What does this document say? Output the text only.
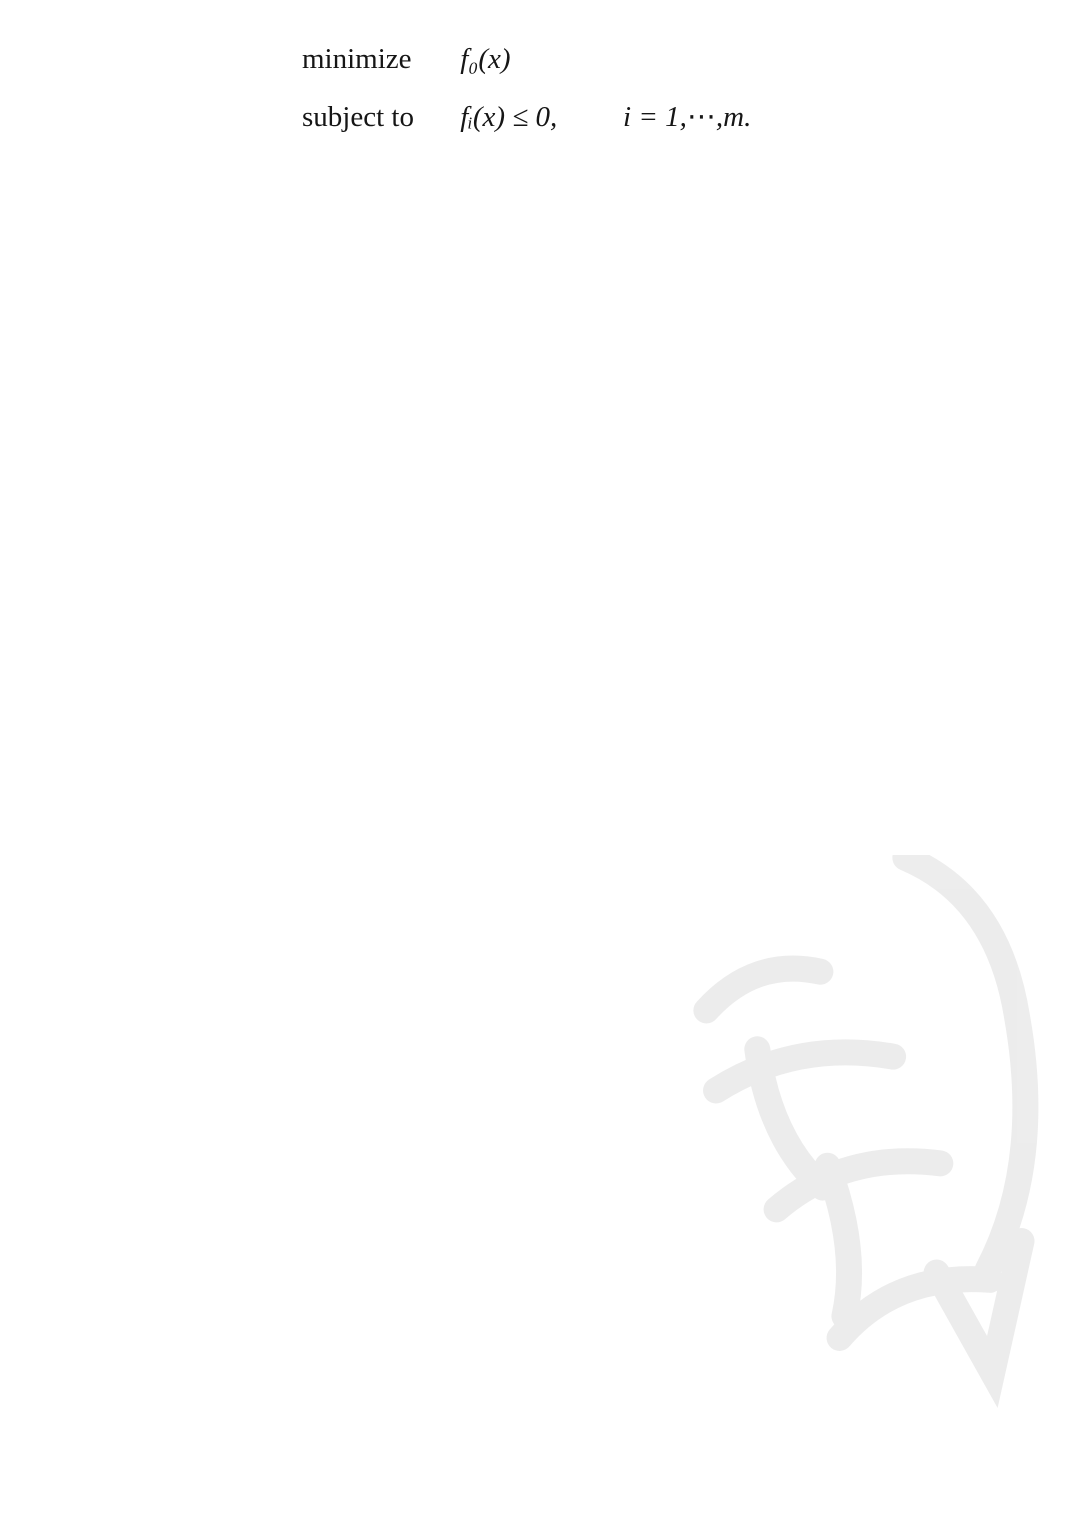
minimize f₀(x)
subject to fᵢ(x) ≤ 0, i = 1,⋯,m.
